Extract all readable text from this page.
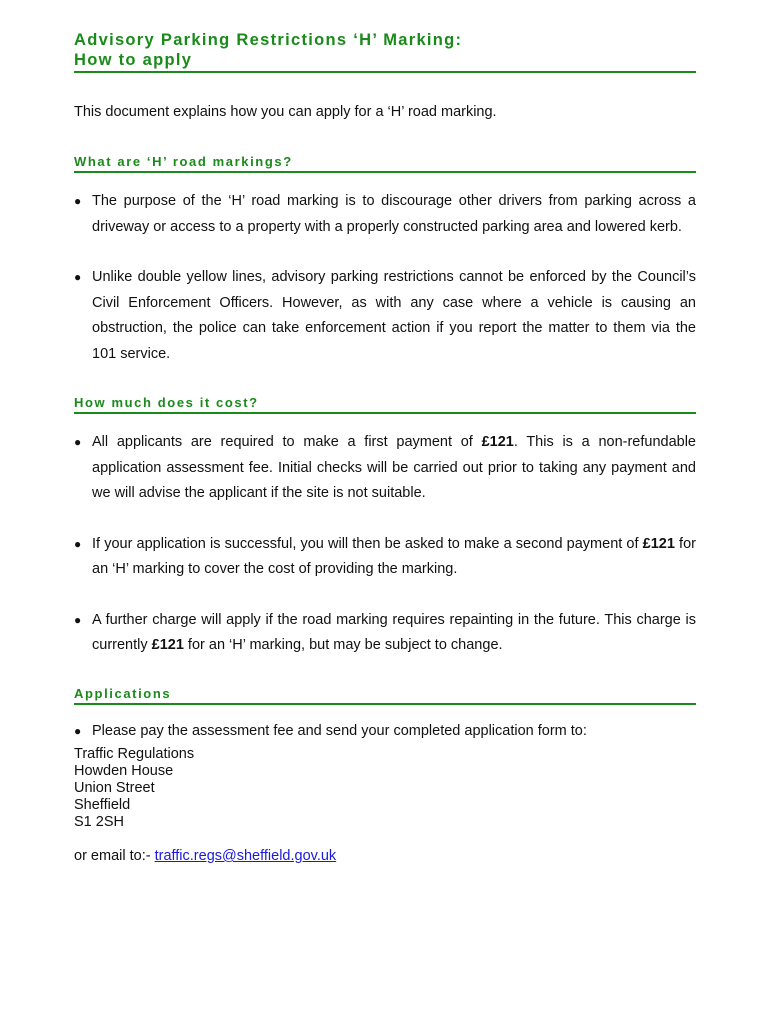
Advisory Parking Restrictions ‘H’ Marking:
How to apply

This document explains how you can apply for a ‘H’ road marking.

What are ‘H’ road markings?
● The purpose of the ‘H’ road marking is to discourage other drivers from parking across a driveway or access to a property with a properly constructed parking area and lowered kerb.
● Unlike double yellow lines, advisory parking restrictions cannot be enforced by the Council’s Civil Enforcement Officers. However, as with any case where a vehicle is causing an obstruction, the police can take enforcement action if you report the matter to them via the 101 service.
How much does it cost?
● All applicants are required to make a first payment of £121. This is a non-refundable application assessment fee. Initial checks will be carried out prior to taking any payment and we will advise the applicant if the site is not suitable.
● If your application is successful, you will then be asked to make a second payment of £121 for an ‘H’ marking to cover the cost of providing the marking.
● A further charge will apply if the road marking requires repainting in the future. This charge is currently £121 for an ‘H’ marking, but may be subject to change.
Applications
● Please pay the assessment fee and send your completed application form to:
Traffic Regulations
Howden House
Union Street
Sheffield
S1 2SH
or email to:- traffic.regs@sheffield.gov.uk
